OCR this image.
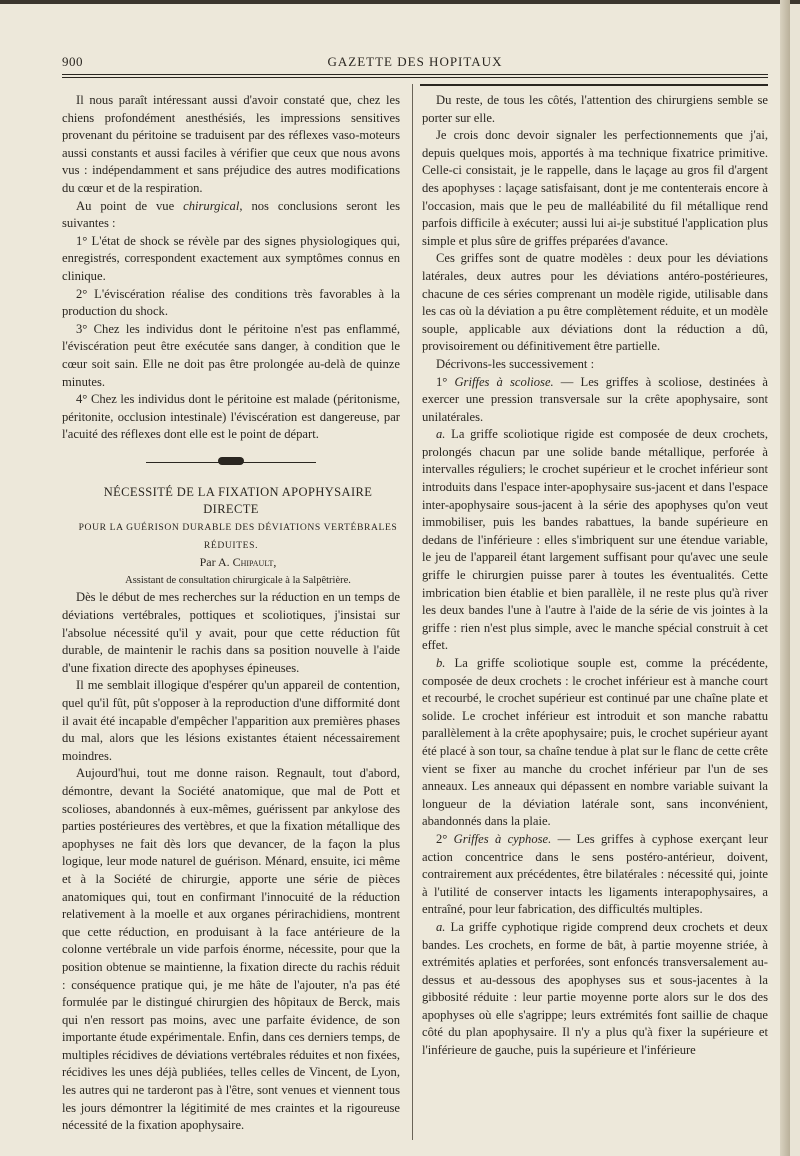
GAZETTE DES HOPITAUX
900

Il nous paraît intéressant aussi d'avoir constaté que, chez les chiens profondément anesthésiés, les impressions sensitives provenant du péritoine se traduisent par des réflexes vaso-moteurs aussi constants et aussi faciles à vérifier que ceux que nous avons vus : indépendamment et sans préjudice des autres modifications du cœur et de la respiration.

Au point de vue chirurgical, nos conclusions seront les suivantes :

1° L'état de shock se révèle par des signes physiologiques qui, enregistrés, correspondent exactement aux symptômes connus en clinique.

2° L'éviscération réalise des conditions très favorables à la production du shock.

3° Chez les individus dont le péritoine n'est pas enflammé, l'éviscération peut être exécutée sans danger, à condition que le cœur soit sain. Elle ne doit pas être prolongée au-delà de quinze minutes.

4° Chez les individus dont le péritoine est malade (péritonisme, péritonite, occlusion intestinale) l'éviscération est dangereuse, par l'acuité des réflexes dont elle est le point de départ.

NÉCESSITÉ DE LA FIXATION APOPHYSAIRE DIRECTE

POUR LA GUÉRISON DURABLE DES DÉVIATIONS VERTÉBRALES RÉDUITES.

Par A. Chipault,

Assistant de consultation chirurgicale à la Salpêtrière.

Dès le début de mes recherches sur la réduction en un temps de déviations vertébrales, pottiques et scoliotiques, j'insistai sur l'absolue nécessité qu'il y avait, pour que cette réduction fût durable, de maintenir le rachis dans sa position nouvelle à l'aide d'une fixation directe des apophyses épineuses.

Il me semblait illogique d'espérer qu'un appareil de contention, quel qu'il fût, pût s'opposer à la reproduction d'une difformité dont il avait été incapable d'empêcher l'apparition aux premières phases du mal, alors que les lésions existantes étaient nécessairement moindres.

Aujourd'hui, tout me donne raison. Regnault, tout d'abord, démontre, devant la Société anatomique, que mal de Pott et scolioses, abandonnés à eux-mêmes, guérissent par ankylose des parties postérieures des vertèbres, et que la fixation métallique des apophyses ne fait dès lors que devancer, de la façon la plus logique, leur mode naturel de guérison. Ménard, ensuite, ici même et à la Société de chirurgie, apporte une série de pièces anatomiques qui, tout en confirmant l'innocuité de la réduction relativement à la moelle et aux organes périrachidiens, montrent que cette réduction, en produisant à la face antérieure de la colonne vertébrale un vide parfois énorme, nécessite, pour que la position obtenue se maintienne, la fixation directe du rachis réduit : conséquence pratique qui, je me hâte de l'ajouter, n'a pas été formulée par le distingué chirurgien des hôpitaux de Berck, mais qui n'en ressort pas moins, avec une parfaite évidence, de son importante étude expérimentale. Enfin, dans ces derniers temps, de multiples récidives de déviations vertébrales réduites et non fixées, récidives les unes déjà publiées, telles celles de Vincent, de Lyon, les autres qui ne tarderont pas à l'être, sont venues et viennent tous les jours démontrer la légitimité de mes craintes et la rigoureuse nécessité de la fixation apophysaire.

Du reste, de tous les côtés, l'attention des chirurgiens semble se porter sur elle.

Je crois donc devoir signaler les perfectionnements que j'ai, depuis quelques mois, apportés à ma technique fixatrice primitive. Celle-ci consistait, je le rappelle, dans le laçage au gros fil d'argent des apophyses : laçage satisfaisant, dont je me contenterais encore à l'occasion, mais que le peu de malléabilité du fil métallique rend parfois difficile à exécuter; aussi lui ai-je substitué l'application plus simple et plus sûre de griffes préparées d'avance.

Ces griffes sont de quatre modèles : deux pour les déviations latérales, deux autres pour les déviations antéro-postérieures, chacune de ces séries comprenant un modèle rigide, utilisable dans les cas où la déviation a pu être complètement réduite, et un modèle souple, applicable aux déviations dont la réduction a dû, provisoirement ou définitivement être partielle.

Décrivons-les successivement :

1° Griffes à scoliose. — Les griffes à scoliose, destinées à exercer une pression transversale sur la crête apophysaire, sont unilatérales.

a. La griffe scoliotique rigide est composée de deux crochets, prolongés chacun par une solide bande métallique, perforée à intervalles réguliers; le crochet supérieur et le crochet inférieur sont introduits dans l'espace inter-apophysaire sus-jacent et dans l'espace inter-apophysaire sous-jacent à la série des apophyses qu'on veut immobiliser, puis les bandes rabattues, la bande supérieure en dedans de l'inférieure : elles s'imbriquent sur une étendue variable, le jeu de l'appareil étant largement suffisant pour qu'avec une seule griffe le chirurgien puisse parer à toutes les éventualités. Cette imbrication bien établie et bien parallèle, il ne reste plus qu'à river les deux bandes l'une à l'autre à l'aide de la série de vis jointes à la griffe : rien n'est plus simple, avec le manche spécial construit à cet effet.

b. La griffe scoliotique souple est, comme la précédente, composée de deux crochets : le crochet inférieur est à manche court et recourbé, le crochet supérieur est continué par une chaîne plate et solide. Le crochet inférieur est introduit et son manche rabattu parallèlement à la crête apophysaire; puis, le crochet supérieur ayant été placé à son tour, sa chaîne tendue à plat sur le flanc de cette crête vient se fixer au manche du crochet inférieur par l'un de ses anneaux. Les anneaux qui dépassent en nombre variable suivant la longueur de la déviation latérale sont, sans inconvénient, abandonnés dans la plaie.

2° Griffes à cyphose. — Les griffes à cyphose exerçant leur action concentrice dans le sens postéro-antérieur, doivent, contrairement aux précédentes, être bilatérales : nécessité qui, jointe à l'utilité de conserver intacts les ligaments interapophysaires, a entraîné, pour leur fabrication, des difficultés multiples.

a. La griffe cyphotique rigide comprend deux crochets et deux bandes. Les crochets, en forme de bât, à partie moyenne striée, à extrémités aplaties et perforées, sont enfoncés transversalement au-dessus et au-dessous des apophyses sus et sous-jacentes à la gibbosité réduite : leur partie moyenne porte alors sur le dos des apophyses où elle s'agrippe; leurs extrémités font saillie de chaque côté du plan apophysaire. Il n'y a plus qu'à fixer la supérieure et l'inférieure de gauche, puis la supérieure et l'inférieure
